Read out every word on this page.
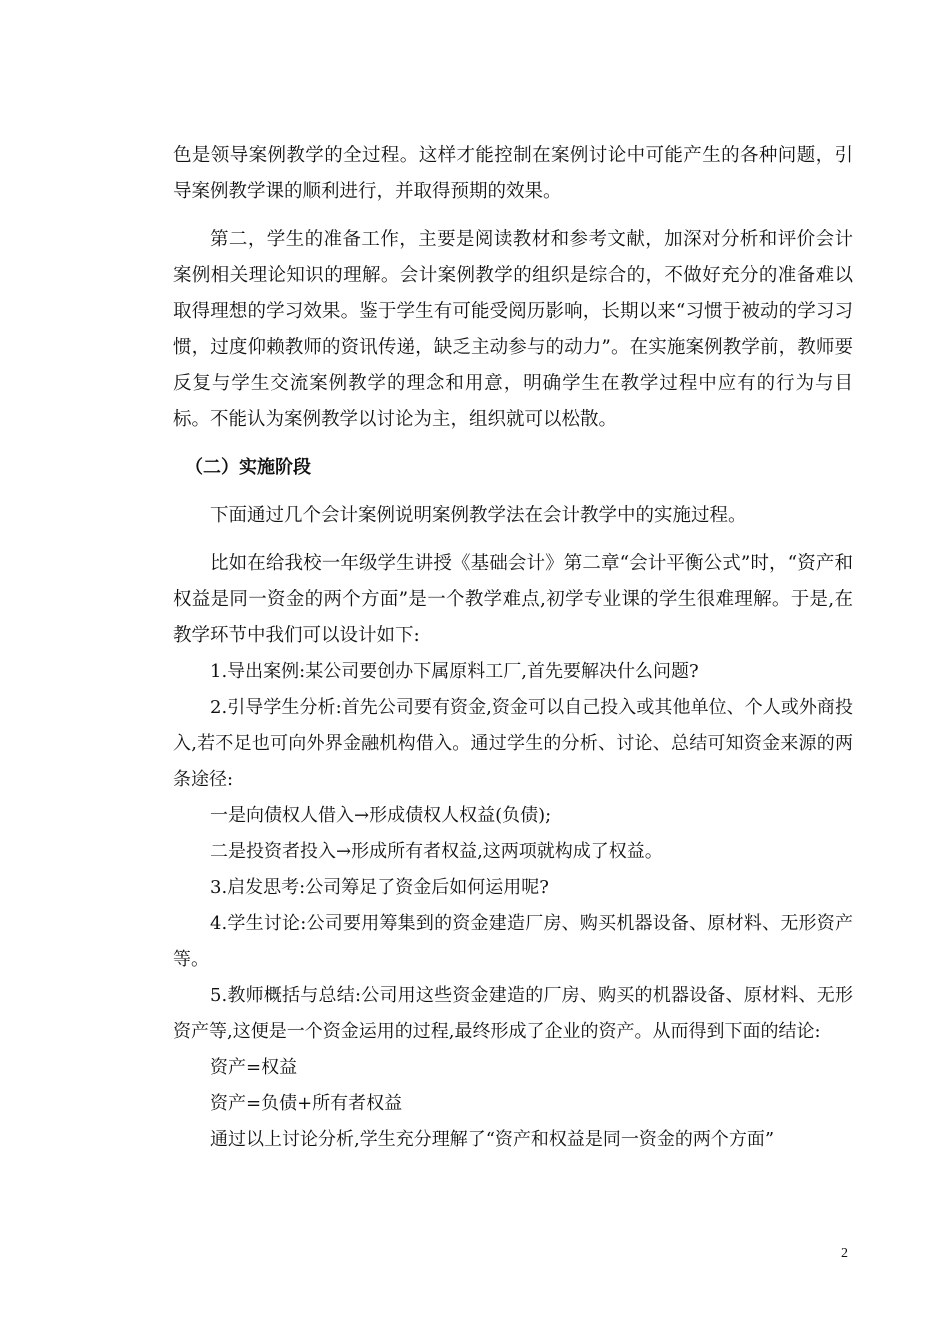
色是领导案例教学的全过程。这样才能控制在案例讨论中可能产生的各种问题，引导案例教学课的顺利进行，并取得预期的效果。

第二，学生的准备工作，主要是阅读教材和参考文献，加深对分析和评价会计案例相关理论知识的理解。会计案例教学的组织是综合的，不做好充分的准备难以取得理想的学习效果。鉴于学生有可能受阅历影响，长期以来“习惯于被动的学习习惯，过度仰赖教师的资讯传递，缺乏主动参与的动力”。在实施案例教学前，教师要反复与学生交流案例教学的理念和用意，明确学生在教学过程中应有的行为与目标。不能认为案例教学以讨论为主，组织就可以松散。

（二）实施阶段

下面通过几个会计案例说明案例教学法在会计教学中的实施过程。

比如在给我校一年级学生讲授《基础会计》第二章“会计平衡公式”时，“资产和权益是同一资金的两个方面”是一个教学难点,初学专业课的学生很难理解。于是,在教学环节中我们可以设计如下:

1.导出案例:某公司要创办下属原料工厂,首先要解决什么问题?

2.引导学生分析:首先公司要有资金,资金可以自己投入或其他单位、个人或外商投入,若不足也可向外界金融机构借入。通过学生的分析、讨论、总结可知资金来源的两条途径:

一是向债权人借入→形成债权人权益(负债);

二是投资者投入→形成所有者权益,这两项就构成了权益。

3.启发思考:公司筹足了资金后如何运用呢?

4.学生讨论:公司要用筹集到的资金建造厂房、购买机器设备、原材料、无形资产等。

5.教师概括与总结:公司用这些资金建造的厂房、购买的机器设备、原材料、无形资产等,这便是一个资金运用的过程,最终形成了企业的资产。从而得到下面的结论:

资产=权益

资产=负债+所有者权益

通过以上讨论分析,学生充分理解了“资产和权益是同一资金的两个方面”

2
